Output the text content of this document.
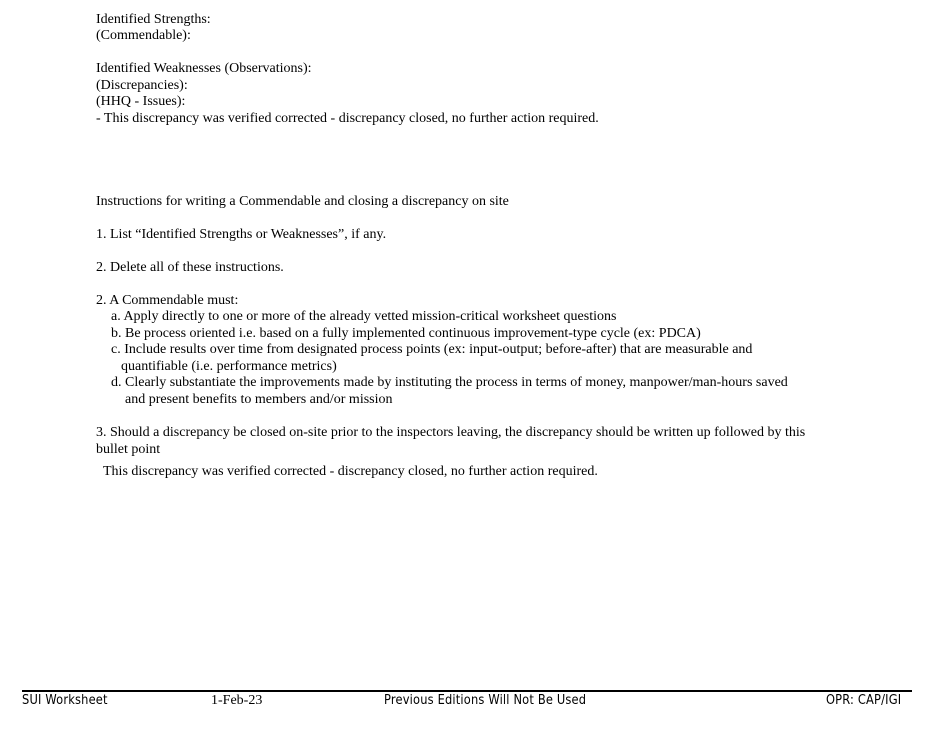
Identified Strengths:
(Commendable):
Identified Weaknesses (Observations):
(Discrepancies):
(HHQ - Issues):
- This discrepancy was verified corrected - discrepancy closed, no further action required.
Instructions for writing a Commendable and closing a discrepancy on site
1. List “Identified Strengths or Weaknesses”, if any.
2. Delete all of these instructions.
2. A Commendable must:
a. Apply directly to one or more of the already vetted mission-critical worksheet questions
b. Be process oriented i.e. based on a fully implemented continuous improvement-type cycle (ex: PDCA)
c. Include results over time from designated process points (ex: input-output; before-after) that are measurable and
quantifiable (i.e. performance metrics)
d. Clearly substantiate the improvements made by instituting the process in terms of money, manpower/man-hours saved
and present benefits to members and/or mission
3. Should a discrepancy be closed on-site prior to the inspectors leaving, the discrepancy should be written up followed by this
bullet point
This discrepancy was verified corrected - discrepancy closed, no further action required.
SUI Worksheet	1-Feb-23	Previous Editions Will Not Be Used	OPR: CAP/IGI
